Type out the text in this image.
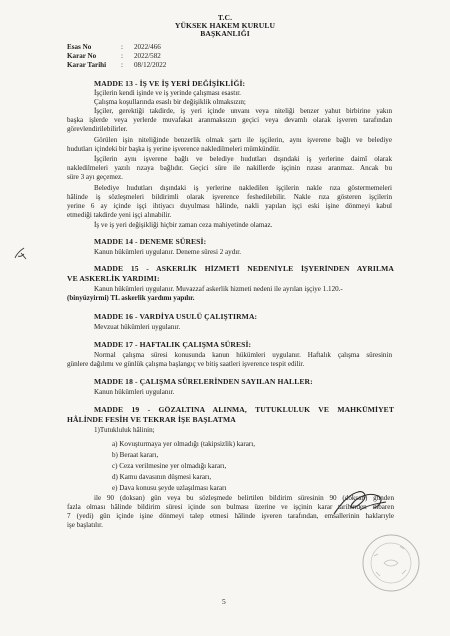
T.C.
YÜKSEK HAKEM KURULU
BAŞKANLIĞI
Esas No	: 2022/466
Karar No	: 2022/582
Karar Tarihi : 08/12/2022
MADDE 13 - İŞ VE İŞ YERİ DEĞİŞİKLİĞİ:
İşçilerin kendi işinde ve iş yerinde çalışması esastır.
Çalışma koşullarında esaslı bir değişiklik olmaksızın;
İşçiler, gerektiği takdirde, iş yeri içinde unvanı veya niteliği benzer yahut birbirine yakın
başka işlerde veya yerlerde muvafakat aranmaksızın geçici veya devamlı olarak işveren tarafından
görevlendirilebilirler.
Görülen işin niteliğinde benzerlik olmak şartı ile işçilerin, aynı işverene bağlı ve belediye
hudutları içindeki bir başka iş yerine işverence nakledilmeleri mümkündür.
İşçilerin aynı işverene bağlı ve belediye hudutları dışındaki iş yerlerine daimî olarak
nakledilmeleri yazılı rızaya bağlıdır. Geçici süre ile nakillerde işçinin rızası aranmaz. Ancak bu
süre 3 ayı geçemez.
Belediye hudutları dışındaki iş yerlerine nakledilen işçilerin nakle rıza göstermemeleri
hâlinde iş sözleşmeleri bildirimli olarak işverence feshedilebilir. Nakle rıza gösteren işçilerin
yerine 6 ay içinde işçi ihtiyacı duyulması hâlinde, nakli yapılan işçi eski işine dönmeyi kabul
etmediği takdirde yeni işçi alınabilir.
İş ve iş yeri değişikliği hiçbir zaman ceza mahiyetinde olamaz.
MADDE 14 - DENEME SÜRESİ:
Kanun hükümleri uygulanır. Deneme süresi 2 aydır.
MADDE 15 - ASKERLİK HİZMETİ NEDENİYLE İŞYERİNDEN AYRILMA
VE ASKERLİK YARDIMI:
Kanun hükümleri uygulanır. Muvazzaf askerlik hizmeti nedeni ile ayrılan işçiye 1.120.-
(binyüzyirmi) TL askerlik yardımı yapılır.
MADDE 16 - VARDİYA USULÜ ÇALIŞTIRMA:
Mevzuat hükümleri uygulanır.
MADDE 17 - HAFTALIK ÇALIŞMA SÜRESİ:
Normal çalışma süresi konusunda kanun hükümleri uygulanır. Haftalık çalışma süresinin
günlere dağılımı ve günlük çalışma başlangıç ve bitiş saatleri işverence tespit edilir.
MADDE 18 - ÇALIŞMA SÜRELERİNDEN SAYILAN HALLER:
Kanun hükümleri uygulanır.
MADDE 19 - GÖZALTINA ALINMA, TUTUKLULUK VE MAHKÛMİYET
HÂLİNDE FESİH VE TEKRAR İŞE BAŞLATMA
1)Tutukluluk hâlinin;
a) Kovuşturmaya yer olmadığı (takipsizlik) kararı,
b) Beraat kararı,
c) Ceza verilmesine yer olmadığı kararı,
d) Kamu davasının düşmesi kararı,
e) Dava konusu şeyde uzlaşılması kararı
ile 90 (doksan) gün veya bu sözleşmede belirtilen bildirim süresinin 90 (doksan) günden
fazla olması hâlinde bildirim süresi içinde son bulması üzerine ve işçinin karar tarihinden itibaren
7 (yedi) gün içinde işine dönmeyi talep etmesi hâlinde işveren tarafından, emsallerinin haklarıyle
işe başlatılır.
5
